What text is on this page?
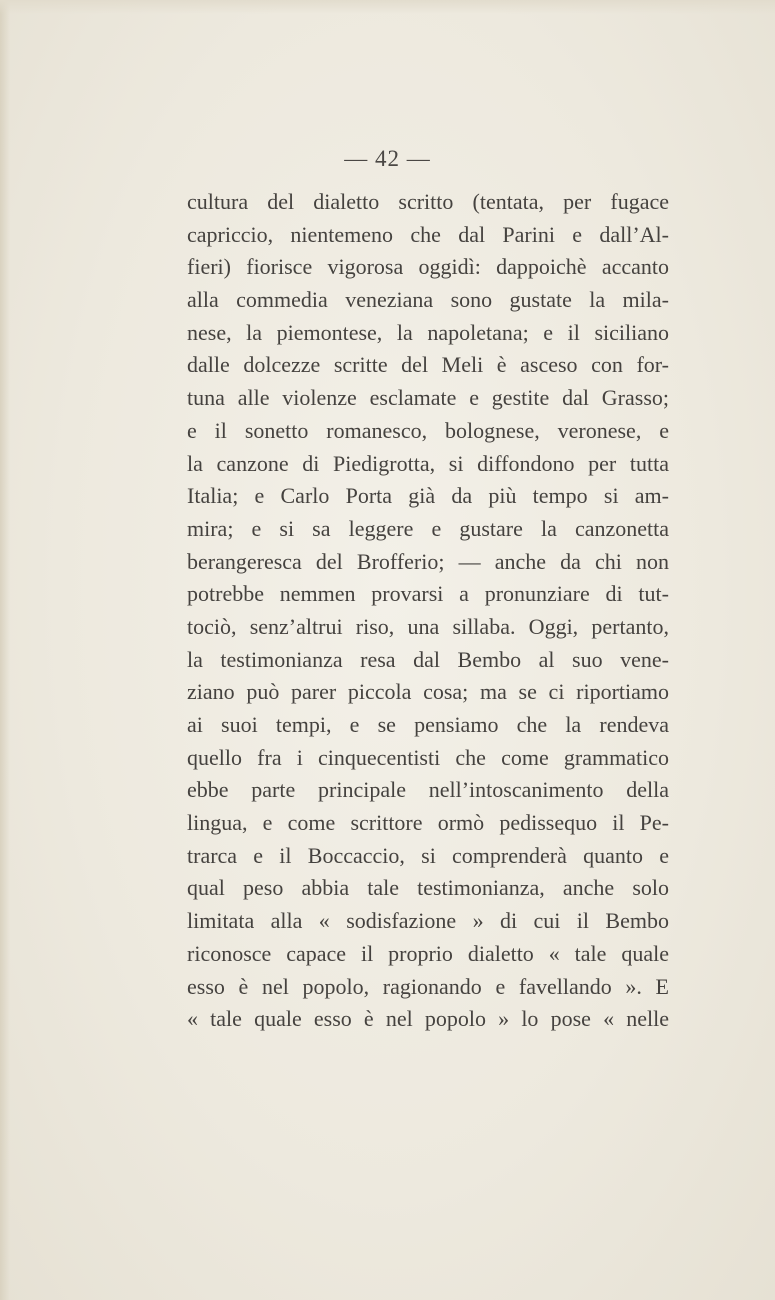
— 42 —
cultura del dialetto scritto (tentata, per fugace
capriccio, nientemeno che dal Parini e dall’Al-
fieri) fiorisce vigorosa oggidì: dappoichè accanto
alla commedia veneziana sono gustate la mila-
nese, la piemontese, la napoletana; e il siciliano
dalle dolcezze scritte del Meli è asceso con for-
tuna alle violenze esclamate e gestite dal Grasso;
e il sonetto romanesco, bolognese, veronese, e
la canzone di Piedigrotta, si diffondono per tutta
Italia; e Carlo Porta già da più tempo si am-
mira; e si sa leggere e gustare la canzonetta
berangeresca del Brofferio; — anche da chi non
potrebbe nemmen provarsi a pronunziare di tut-
tociò, senz’altrui riso, una sillaba. Oggi, pertanto,
la testimonianza resa dal Bembo al suo vene-
ziano può parer piccola cosa; ma se ci riportiamo
ai suoi tempi, e se pensiamo che la rendeva
quello fra i cinquecentisti che come grammatico
ebbe parte principale nell’intoscanimento della
lingua, e come scrittore ormò pedissequo il Pe-
trarca e il Boccaccio, si comprenderà quanto e
qual peso abbia tale testimonianza, anche solo
limitata alla « sodisfazione » di cui il Bembo
riconosce capace il proprio dialetto « tale quale
esso è nel popolo, ragionando e favellando ». E
« tale quale esso è nel popolo » lo pose « nelle
